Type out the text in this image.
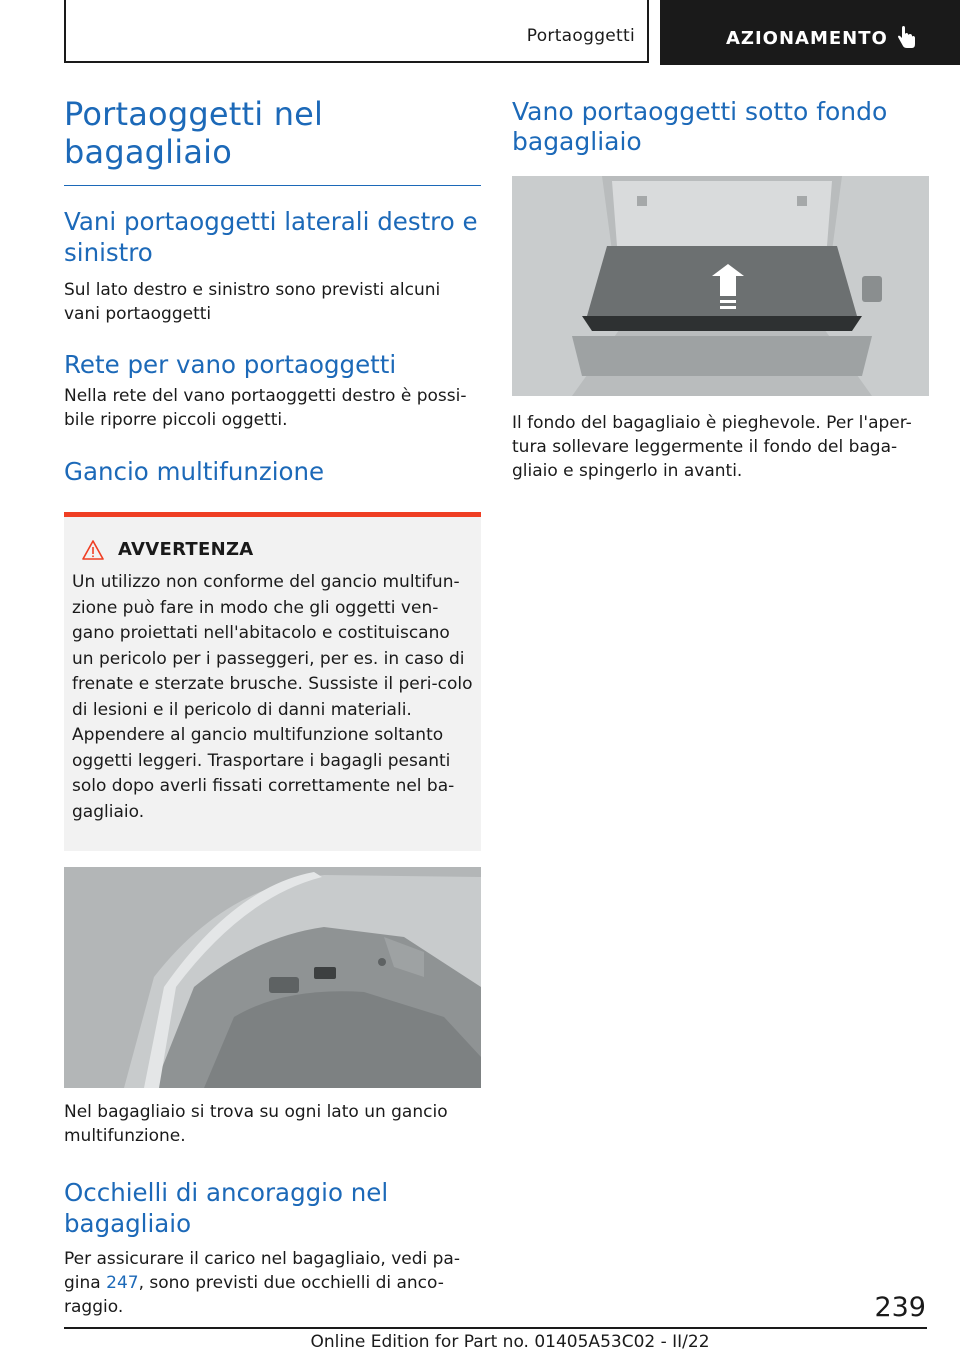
Portaoggetti	AZIONAMENTO
Portaoggetti nel bagagliaio
Vani portaoggetti laterali destro e sinistro

Sul lato destro e sinistro sono previsti alcuni vani portaoggetti

Rete per vano portaoggetti

Nella rete del vano portaoggetti destro è possi-bile riporre piccoli oggetti.

Gancio multifunzione
AVVERTENZA

Un utilizzo non conforme del gancio multifun-zione può fare in modo che gli oggetti ven-gano proiettati nell'abitacolo e costituiscano un pericolo per i passeggeri, per es. in caso di frenate e sterzate brusche. Sussiste il peri-colo di lesioni e il pericolo di danni materiali. Appendere al gancio multifunzione soltanto oggetti leggeri. Trasportare i bagagli pesanti solo dopo averli fissati correttamente nel ba-gagliaio.

Nel bagagliaio si trova su ogni lato un gancio multifunzione.

Occhielli di ancoraggio nel bagagliaio

Per assicurare il carico nel bagagliaio, vedi pa-gina 247, sono previsti due occhielli di anco-raggio.

Vano portaoggetti sotto fondo bagagliaio

Il fondo del bagagliaio è pieghevole. Per l'aper-tura sollevare leggermente il fondo del baga-gliaio e spingerlo in avanti.

239
Online Edition for Part no. 01405A53C02 - II/22
